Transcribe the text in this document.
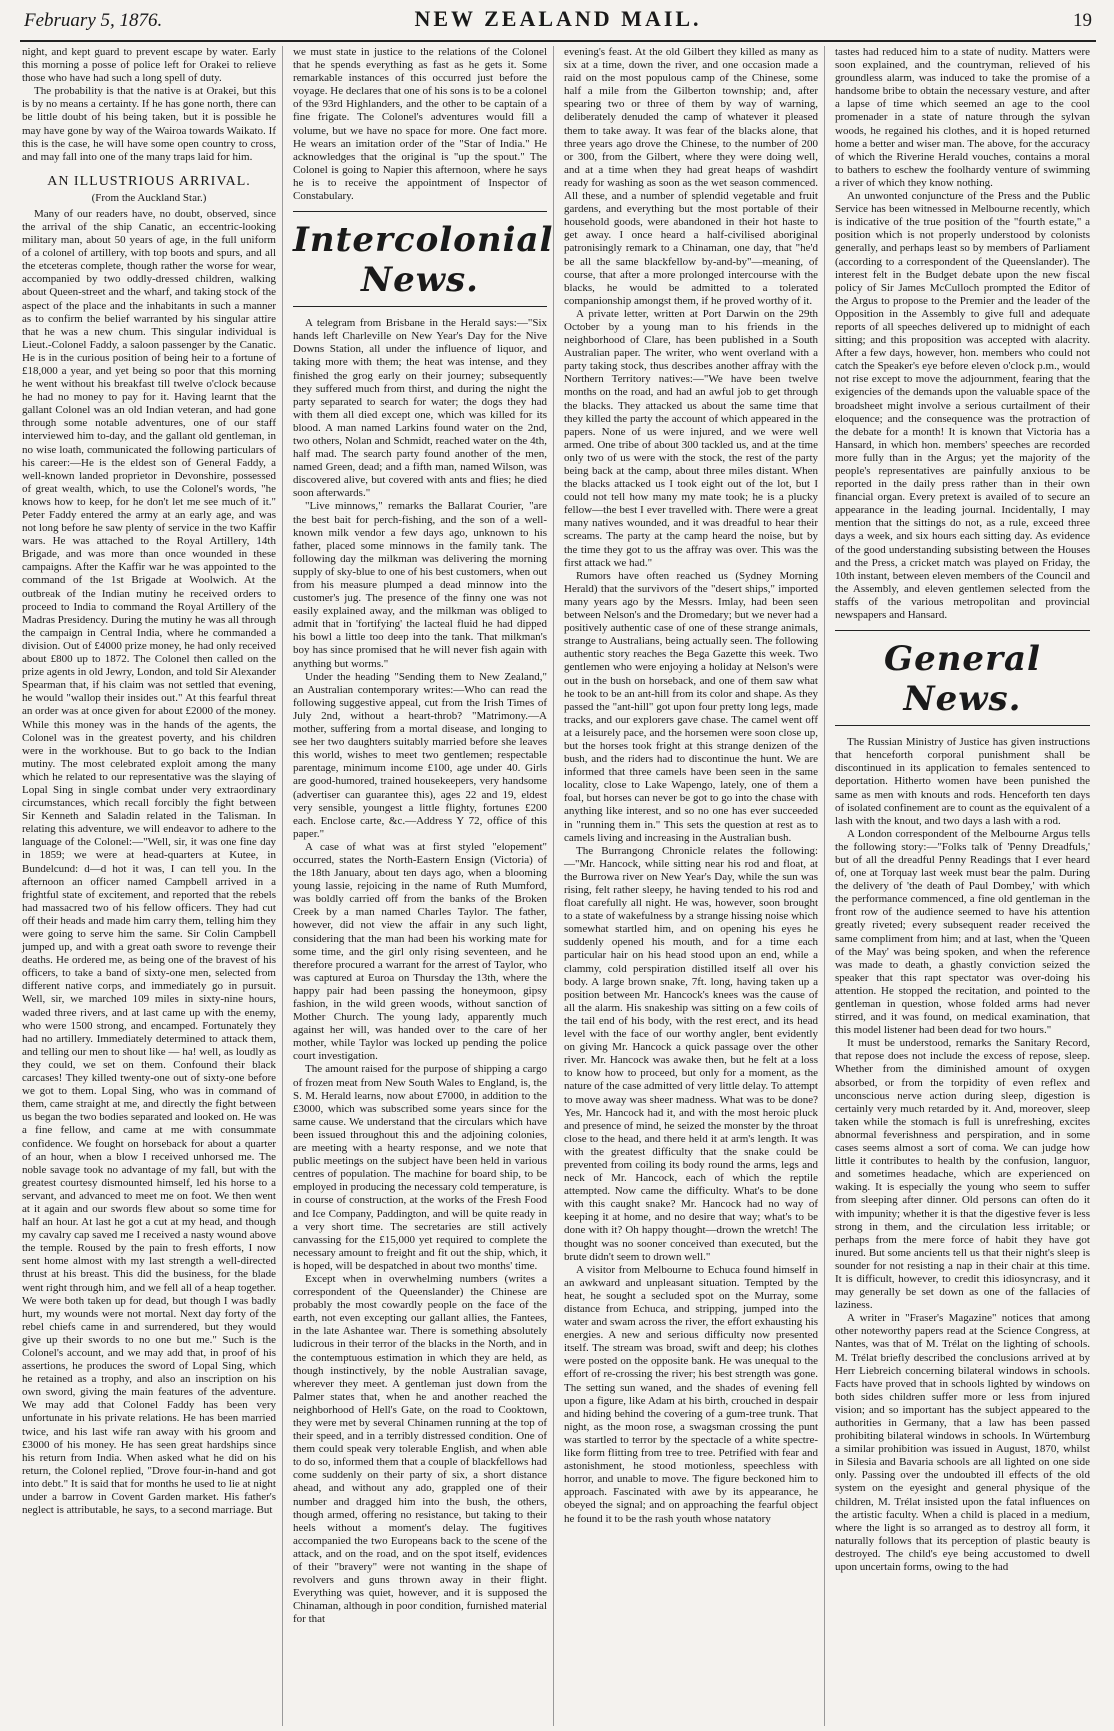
February 5, 1876.	NEW ZEALAND MAIL.	19

night, and kept guard to prevent escape by water. Early this morning a posse of police left for Orakei to relieve those who have had such a long spell of duty.

The probability is that the native is at Orakei, but this is by no means a certainty. If he has gone north, there can be little doubt of his being taken, but it is possible he may have gone by way of the Wairoa towards Waikato. If this is the case, he will have some open country to cross, and may fall into one of the many traps laid for him.

AN ILLUSTRIOUS ARRIVAL.
(From the Auckland Star.)

Many of our readers have, no doubt, observed, since the arrival of the ship Canatic, an eccentric-looking military man, about 50 years of age, in the full uniform of a colonel of artillery, with top boots and spurs, and all the etceteras complete, though rather the worse for wear, accompanied by two oddly-dressed children, walking about Queen-street and the wharf, and taking stock of the aspect of the place and the inhabitants in such a manner as to confirm the belief warranted by his singular attire that he was a new chum. This singular individual is Lieut.-Colonel Faddy, a saloon passenger by the Canatic. He is in the curious position of being heir to a fortune of £18,000 a year, and yet being so poor that this morning he went without his breakfast till twelve o'clock because he had no money to pay for it. Having learnt that the gallant Colonel was an old Indian veteran, and had gone through some notable adventures, one of our staff interviewed him to-day, and the gallant old gentleman, in no wise loath, communicated the following particulars of his career:—He is the eldest son of General Faddy, a well-known landed proprietor in Devonshire, possessed of great wealth, which, to use the Colonel's words, "he knows how to keep, for he don't let me see much of it." Peter Faddy entered the army at an early age, and was not long before he saw plenty of service in the two Kaffir wars. He was attached to the Royal Artillery, 14th Brigade, and was more than once wounded in these campaigns. After the Kaffir war he was appointed to the command of the 1st Brigade at Woolwich. At the outbreak of the Indian mutiny he received orders to proceed to India to command the Royal Artillery of the Madras Presidency. During the mutiny he was all through the campaign in Central India, where he commanded a division. Out of £4000 prize money, he had only received about £800 up to 1872. The Colonel then called on the prize agents in old Jewry, London, and told Sir Alexander Spearman that, if his claim was not settled that evening, he would "wallop their insides out." At this fearful threat an order was at once given for about £2000 of the money. While this money was in the hands of the agents, the Colonel was in the greatest poverty, and his children were in the workhouse. But to go back to the Indian mutiny. The most celebrated exploit among the many which he related to our representative was the slaying of Lopal Sing in single combat under very extraordinary circumstances, which recall forcibly the fight between Sir Kenneth and Saladin related in the Talisman. In relating this adventure, we will endeavor to adhere to the language of the Colonel:—"Well, sir, it was one fine day in 1859; we were at head-quarters at Kutee, in Bundelcund: d—d hot it was, I can tell you. In the afternoon an officer named Campbell arrived in a frightful state of excitement, and reported that the rebels had massacred two of his fellow officers. They had cut off their heads and made him carry them, telling him they were going to serve him the same. Sir Colin Campbell jumped up, and with a great oath swore to revenge their deaths. He ordered me, as being one of the bravest of his officers, to take a band of sixty-one men, selected from different native corps, and immediately go in pursuit. Well, sir, we marched 109 miles in sixty-nine hours, waded three rivers, and at last came up with the enemy, who were 1500 strong, and encamped. Fortunately they had no artillery. Immediately determined to attack them, and telling our men to shout like — ha! well, as loudly as they could, we set on them. Confound their black carcases! They killed twenty-one out of sixty-one before we got to them. Lopal Sing, who was in command of them, came straight at me, and directly the fight between us began the two bodies separated and looked on. He was a fine fellow, and came at me with consummate confidence. We fought on horseback for about a quarter of an hour, when a blow I received unhorsed me. The noble savage took no advantage of my fall, but with the greatest courtesy dismounted himself, led his horse to a servant, and advanced to meet me on foot. We then went at it again and our swords flew about so some time for half an hour. At last he got a cut at my head, and though my cavalry cap saved me I received a nasty wound above the temple. Roused by the pain to fresh efforts, I now sent home almost with my last strength a well-directed thrust at his breast. This did the business, for the blade went right through him, and we fell all of a heap together. We were both taken up for dead, but though I was badly hurt, my wounds were not mortal. Next day forty of the rebel chiefs came in and surrendered, but they would give up their swords to no one but me." Such is the Colonel's account, and we may add that, in proof of his assertions, he produces the sword of Lopal Sing, which he retained as a trophy, and also an inscription on his own sword, giving the main features of the adventure. We may add that Colonel Faddy has been very unfortunate in his private relations. He has been married twice, and his last wife ran away with his groom and £3000 of his money. He has seen great hardships since his return from India. When asked what he did on his return, the Colonel replied, "Drove four-in-hand and got into debt." It is said that for months he used to lie at night under a barrow in Covent Garden market. His father's neglect is attributable, he says, to a second marriage. But

we must state in justice to the relations of the Colonel that he spends everything as fast as he gets it. Some remarkable instances of this occurred just before the voyage. He declares that one of his sons is to be a colonel of the 93rd Highlanders, and the other to be captain of a fine frigate. The Colonel's adventures would fill a volume, but we have no space for more. One fact more. He wears an imitation order of the "Star of India." He acknowledges that the original is "up the spout." The Colonel is going to Napier this afternoon, where he says he is to receive the appointment of Inspector of Constabulary.

Intercolonial News.

A telegram from Brisbane in the Herald says:—"Six hands left Charleville on New Year's Day for the Nive Downs Station, all under the influence of liquor, and taking more with them; the heat was intense, and they finished the grog early on their journey; subsequently they suffered much from thirst, and during the night the party separated to search for water; the dogs they had with them all died except one, which was killed for its blood. A man named Larkins found water on the 2nd, two others, Nolan and Schmidt, reached water on the 4th, half mad. The search party found another of the men, named Green, dead; and a fifth man, named Wilson, was discovered alive, but covered with ants and flies; he died soon afterwards."

"Live minnows," remarks the Ballarat Courier, "are the best bait for perch-fishing, and the son of a well-known milk vendor a few days ago, unknown to his father, placed some minnows in the family tank. The following day the milkman was delivering the morning supply of sky-blue to one of his best customers, when out from his measure plumped a dead minnow into the customer's jug. The presence of the finny one was not easily explained away, and the milkman was obliged to admit that in 'fortifying' the lacteal fluid he had dipped his bowl a little too deep into the tank. That milkman's boy has since promised that he will never fish again with anything but worms."

Under the heading "Sending them to New Zealand," an Australian contemporary writes:—Who can read the following suggestive appeal, cut from the Irish Times of July 2nd, without a heart-throb? "Matrimony.—A mother, suffering from a mortal disease, and longing to see her two daughters suitably married before she leaves this world, wishes to meet two gentlemen; respectable parentage, minimum income £100, age under 40. Girls are good-humored, trained housekeepers, very handsome (advertiser can guarantee this), ages 22 and 19, eldest very sensible, youngest a little flighty, fortunes £200 each. Enclose carte, &c.—Address Y 72, office of this paper."

A case of what was at first styled "elopement" occurred, states the North-Eastern Ensign (Victoria) of the 18th January, about ten days ago, when a blooming young lassie, rejoicing in the name of Ruth Mumford, was boldly carried off from the banks of the Broken Creek by a man named Charles Taylor. The father, however, did not view the affair in any such light, considering that the man had been his working mate for some time, and the girl only rising seventeen, and he therefore procured a warrant for the arrest of Taylor, who was captured at Euroa on Thursday the 13th, where the happy pair had been passing the honeymoon, gipsy fashion, in the wild green woods, without sanction of Mother Church. The young lady, apparently much against her will, was handed over to the care of her mother, while Taylor was locked up pending the police court investigation.

The amount raised for the purpose of shipping a cargo of frozen meat from New South Wales to England, is, the S. M. Herald learns, now about £7000, in addition to the £3000, which was subscribed some years since for the same cause. We understand that the circulars which have been issued throughout this and the adjoining colonies, are meeting with a hearty response, and we note that public meetings on the subject have been held in various centres of population. The machine for board ship, to be employed in producing the necessary cold temperature, is in course of construction, at the works of the Fresh Food and Ice Company, Paddington, and will be quite ready in a very short time. The secretaries are still actively canvassing for the £15,000 yet required to complete the necessary amount to freight and fit out the ship, which, it is hoped, will be despatched in about two months' time.

Except when in overwhelming numbers (writes a correspondent of the Queenslander) the Chinese are probably the most cowardly people on the face of the earth, not even excepting our gallant allies, the Fantees, in the late Ashantee war. There is something absolutely ludicrous in their terror of the blacks in the North, and in the contemptuous estimation in which they are held, as though instinctively, by the noble Australian savage, wherever they meet. A gentleman just down from the Palmer states that, when he and another reached the neighborhood of Hell's Gate, on the road to Cooktown, they were met by several Chinamen running at the top of their speed, and in a terribly distressed condition. One of them could speak very tolerable English, and when able to do so, informed them that a couple of blackfellows had come suddenly on their party of six, a short distance ahead, and without any ado, grappled one of their number and dragged him into the bush, the others, though armed, offering no resistance, but taking to their heels without a moment's delay. The fugitives accompanied the two Europeans back to the scene of the attack, and on the road, and on the spot itself, evidences of their "bravery" were not wanting in the shape of revolvers and guns thrown away in their flight. Everything was quiet, however, and it is supposed the Chinaman, although in poor condition, furnished material for that

evening's feast. At the old Gilbert they killed as many as six at a time, down the river, and one occasion made a raid on the most populous camp of the Chinese, some half a mile from the Gilberton township; and, after spearing two or three of them by way of warning, deliberately denuded the camp of whatever it pleased them to take away. It was fear of the blacks alone, that three years ago drove the Chinese, to the number of 200 or 300, from the Gilbert, where they were doing well, and at a time when they had great heaps of washdirt ready for washing as soon as the wet season commenced. All these, and a number of splendid vegetable and fruit gardens, and everything but the most portable of their household goods, were abandoned in their hot haste to get away. I once heard a half-civilised aboriginal patronisingly remark to a Chinaman, one day, that "he'd be all the same blackfellow by-and-by"—meaning, of course, that after a more prolonged intercourse with the blacks, he would be admitted to a tolerated companionship amongst them, if he proved worthy of it.

A private letter, written at Port Darwin on the 29th October by a young man to his friends in the neighborhood of Clare, has been published in a South Australian paper. The writer, who went overland with a party taking stock, thus describes another affray with the Northern Territory natives:—"We have been twelve months on the road, and had an awful job to get through the blacks. They attacked us about the same time that they killed the party the account of which appeared in the papers. None of us were injured, and we were well armed. One tribe of about 300 tackled us, and at the time only two of us were with the stock, the rest of the party being back at the camp, about three miles distant. When the blacks attacked us I took eight out of the lot, but I could not tell how many my mate took; he is a plucky fellow—the best I ever travelled with. There were a great many natives wounded, and it was dreadful to hear their screams. The party at the camp heard the noise, but by the time they got to us the affray was over. This was the first attack we had."

Rumors have often reached us (Sydney Morning Herald) that the survivors of the "desert ships," imported many years ago by the Messrs. Imlay, had been seen between Nelson's and the Dromedary; but we never had a positively authentic case of one of these strange animals, strange to Australians, being actually seen. The following authentic story reaches the Bega Gazette this week. Two gentlemen who were enjoying a holiday at Nelson's were out in the bush on horseback, and one of them saw what he took to be an ant-hill from its color and shape. As they passed the "ant-hill" got upon four pretty long legs, made tracks, and our explorers gave chase. The camel went off at a leisurely pace, and the horsemen were soon close up, but the horses took fright at this strange denizen of the bush, and the riders had to discontinue the hunt. We are informed that three camels have been seen in the same locality, close to Lake Wapengo, lately, one of them a foal, but horses can never be got to go into the chase with anything like interest, and so no one has ever succeeded in "running them in." This sets the question at rest as to camels living and increasing in the Australian bush.

The Burrangong Chronicle relates the following:—"Mr. Hancock, while sitting near his rod and float, at the Burrowa river on New Year's Day, while the sun was rising, felt rather sleepy, he having tended to his rod and float carefully all night. He was, however, soon brought to a state of wakefulness by a strange hissing noise which somewhat startled him, and on opening his eyes he suddenly opened his mouth, and for a time each particular hair on his head stood upon an end, while a clammy, cold perspiration distilled itself all over his body. A large brown snake, 7ft. long, having taken up a position between Mr. Hancock's knees was the cause of all the alarm. His snakeship was sitting on a few coils of the tail end of his body, with the rest erect, and its head level with the face of our worthy angler, bent evidently on giving Mr. Hancock a quick passage over the other river. Mr. Hancock was awake then, but he felt at a loss to know how to proceed, but only for a moment, as the nature of the case admitted of very little delay. To attempt to move away was sheer madness. What was to be done? Yes, Mr. Hancock had it, and with the most heroic pluck and presence of mind, he seized the monster by the throat close to the head, and there held it at arm's length. It was with the greatest difficulty that the snake could be prevented from coiling its body round the arms, legs and neck of Mr. Hancock, each of which the reptile attempted. Now came the difficulty. What's to be done with this caught snake? Mr. Hancock had no way of keeping it at home, and no desire that way; what's to be done with it? Oh happy thought—drown the wretch! The thought was no sooner conceived than executed, but the brute didn't seem to drown well."

A visitor from Melbourne to Echuca found himself in an awkward and unpleasant situation. Tempted by the heat, he sought a secluded spot on the Murray, some distance from Echuca, and stripping, jumped into the water and swam across the river, the effort exhausting his energies. A new and serious difficulty now presented itself. The stream was broad, swift and deep; his clothes were posted on the opposite bank. He was unequal to the effort of re-crossing the river; his best strength was gone. The setting sun waned, and the shades of evening fell upon a figure, like Adam at his birth, crouched in despair and hiding behind the covering of a gum-tree trunk. That night, as the moon rose, a swagsman crossing the punt was startled to terror by the spectacle of a white spectre-like form flitting from tree to tree. Petrified with fear and astonishment, he stood motionless, speechless with horror, and unable to move. The figure beckoned him to approach. Fascinated with awe by its appearance, he obeyed the signal; and on approaching the fearful object he found it to be the rash youth whose natatory

tastes had reduced him to a state of nudity. Matters were soon explained, and the countryman, relieved of his groundless alarm, was induced to take the promise of a handsome bribe to obtain the necessary vesture, and after a lapse of time which seemed an age to the cool promenader in a state of nature through the sylvan woods, he regained his clothes, and it is hoped returned home a better and wiser man. The above, for the accuracy of which the Riverine Herald vouches, contains a moral to bathers to eschew the foolhardy venture of swimming a river of which they know nothing.

An unwonted conjuncture of the Press and the Public Service has been witnessed in Melbourne recently, which is indicative of the true position of the "fourth estate," a position which is not properly understood by colonists generally, and perhaps least so by members of Parliament (according to a correspondent of the Queenslander). The interest felt in the Budget debate upon the new fiscal policy of Sir James McCulloch prompted the Editor of the Argus to propose to the Premier and the leader of the Opposition in the Assembly to give full and adequate reports of all speeches delivered up to midnight of each sitting; and this proposition was accepted with alacrity. After a few days, however, hon. members who could not catch the Speaker's eye before eleven o'clock p.m., would not rise except to move the adjournment, fearing that the exigencies of the demands upon the valuable space of the broadsheet might involve a serious curtailment of their eloquence; and the consequence was the protraction of the debate for a month! It is known that Victoria has a Hansard, in which hon. members' speeches are recorded more fully than in the Argus; yet the majority of the people's representatives are painfully anxious to be reported in the daily press rather than in their own financial organ. Every pretext is availed of to secure an appearance in the leading journal. Incidentally, I may mention that the sittings do not, as a rule, exceed three days a week, and six hours each sitting day. As evidence of the good understanding subsisting between the Houses and the Press, a cricket match was played on Friday, the 10th instant, between eleven members of the Council and the Assembly, and eleven gentlemen selected from the staffs of the various metropolitan and provincial newspapers and Hansard.

General News.

The Russian Ministry of Justice has given instructions that henceforth corporal punishment shall be discontinued in its application to females sentenced to deportation. Hitherto women have been punished the same as men with knouts and rods. Henceforth ten days of isolated confinement are to count as the equivalent of a lash with the knout, and two days a lash with a rod.

A London correspondent of the Melbourne Argus tells the following story:—"Folks talk of 'Penny Dreadfuls,' but of all the dreadful Penny Readings that I ever heard of, one at Torquay last week must bear the palm. During the delivery of 'the death of Paul Dombey,' with which the performance commenced, a fine old gentleman in the front row of the audience seemed to have his attention greatly riveted; every subsequent reader received the same compliment from him; and at last, when the 'Queen of the May' was being spoken, and when the reference was made to death, a ghastly conviction seized the speaker that this rapt spectator was over-doing his attention. He stopped the recitation, and pointed to the gentleman in question, whose folded arms had never stirred, and it was found, on medical examination, that this model listener had been dead for two hours."

It must be understood, remarks the Sanitary Record, that repose does not include the excess of repose, sleep. Whether from the diminished amount of oxygen absorbed, or from the torpidity of even reflex and unconscious nerve action during sleep, digestion is certainly very much retarded by it. And, moreover, sleep taken while the stomach is full is unrefreshing, excites abnormal feverishness and perspiration, and in some cases seems almost a sort of coma. We can judge how little it contributes to health by the confusion, languor, and sometimes headache, which are experienced on waking. It is especially the young who seem to suffer from sleeping after dinner. Old persons can often do it with impunity; whether it is that the digestive fever is less strong in them, and the circulation less irritable; or perhaps from the mere force of habit they have got inured. But some ancients tell us that their night's sleep is sounder for not resisting a nap in their chair at this time. It is difficult, however, to credit this idiosyncrasy, and it may generally be set down as one of the fallacies of laziness.

A writer in "Fraser's Magazine" notices that among other noteworthy papers read at the Science Congress, at Nantes, was that of M. Trélat on the lighting of schools. M. Trélat briefly described the conclusions arrived at by Herr Liebreich concerning bilateral windows in schools. Facts have proved that in schools lighted by windows on both sides children suffer more or less from injured vision; and so important has the subject appeared to the authorities in Germany, that a law has been passed prohibiting bilateral windows in schools. In Würtemburg a similar prohibition was issued in August, 1870, whilst in Silesia and Bavaria schools are all lighted on one side only. Passing over the undoubted ill effects of the old system on the eyesight and general physique of the children, M. Trélat insisted upon the fatal influences on the artistic faculty. When a child is placed in a medium, where the light is so arranged as to destroy all form, it naturally follows that its perception of plastic beauty is destroyed. The child's eye being accustomed to dwell upon uncertain forms, owing to the had
